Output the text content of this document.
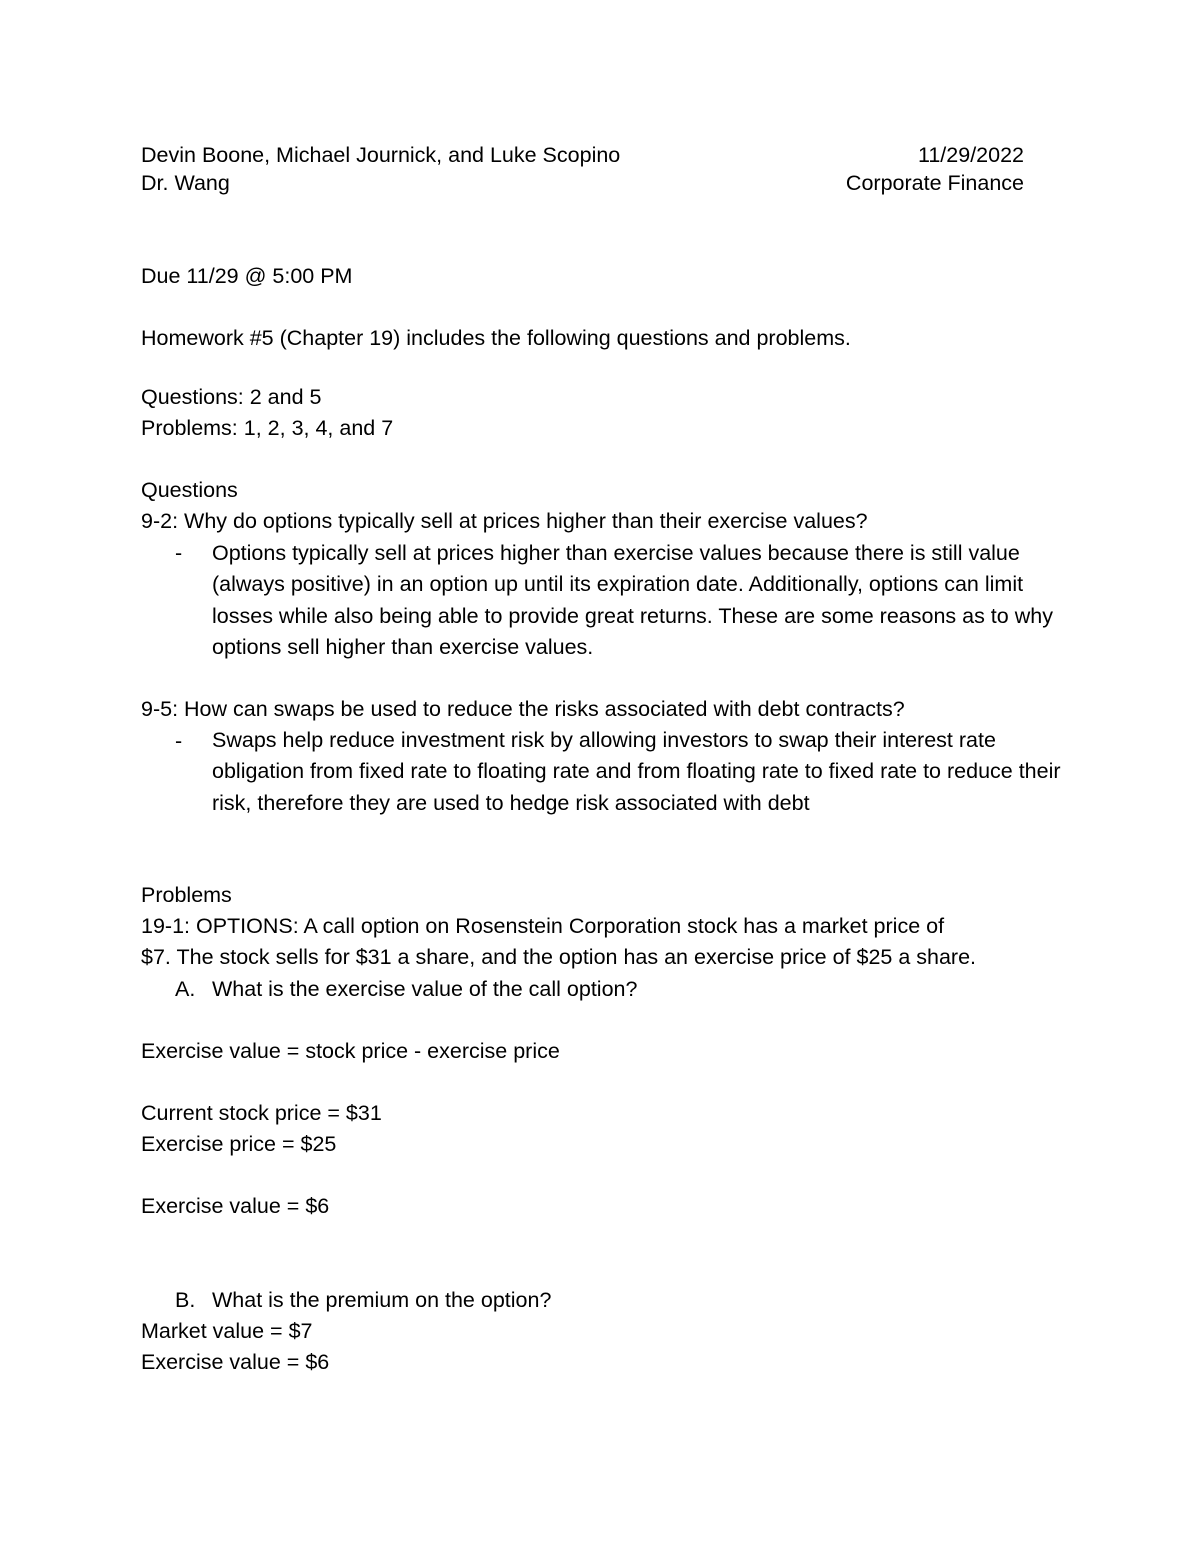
Devin Boone, Michael Journick, and Luke Scopino	11/29/2022
Dr. Wang	Corporate Finance
Due 11/29 @ 5:00 PM
Homework #5 (Chapter 19) includes the following questions and problems.
Questions: 2 and 5
Problems: 1, 2, 3, 4, and 7
Questions
9-2: Why do options typically sell at prices higher than their exercise values?
- Options typically sell at prices higher than exercise values because there is still value (always positive) in an option up until its expiration date. Additionally, options can limit losses while also being able to provide great returns. These are some reasons as to why options sell higher than exercise values.
9-5: How can swaps be used to reduce the risks associated with debt contracts?
- Swaps help reduce investment risk by allowing investors to swap their interest rate obligation from fixed rate to floating rate and from floating rate to fixed rate to reduce their risk, therefore they are used to hedge risk associated with debt
Problems
19-1: OPTIONS: A call option on Rosenstein Corporation stock has a market price of
$7. The stock sells for $31 a share, and the option has an exercise price of $25 a share.
A. What is the exercise value of the call option?
Exercise value = stock price - exercise price
Current stock price = $31
Exercise price = $25
Exercise value = $6
B. What is the premium on the option?
Market value = $7
Exercise value = $6
